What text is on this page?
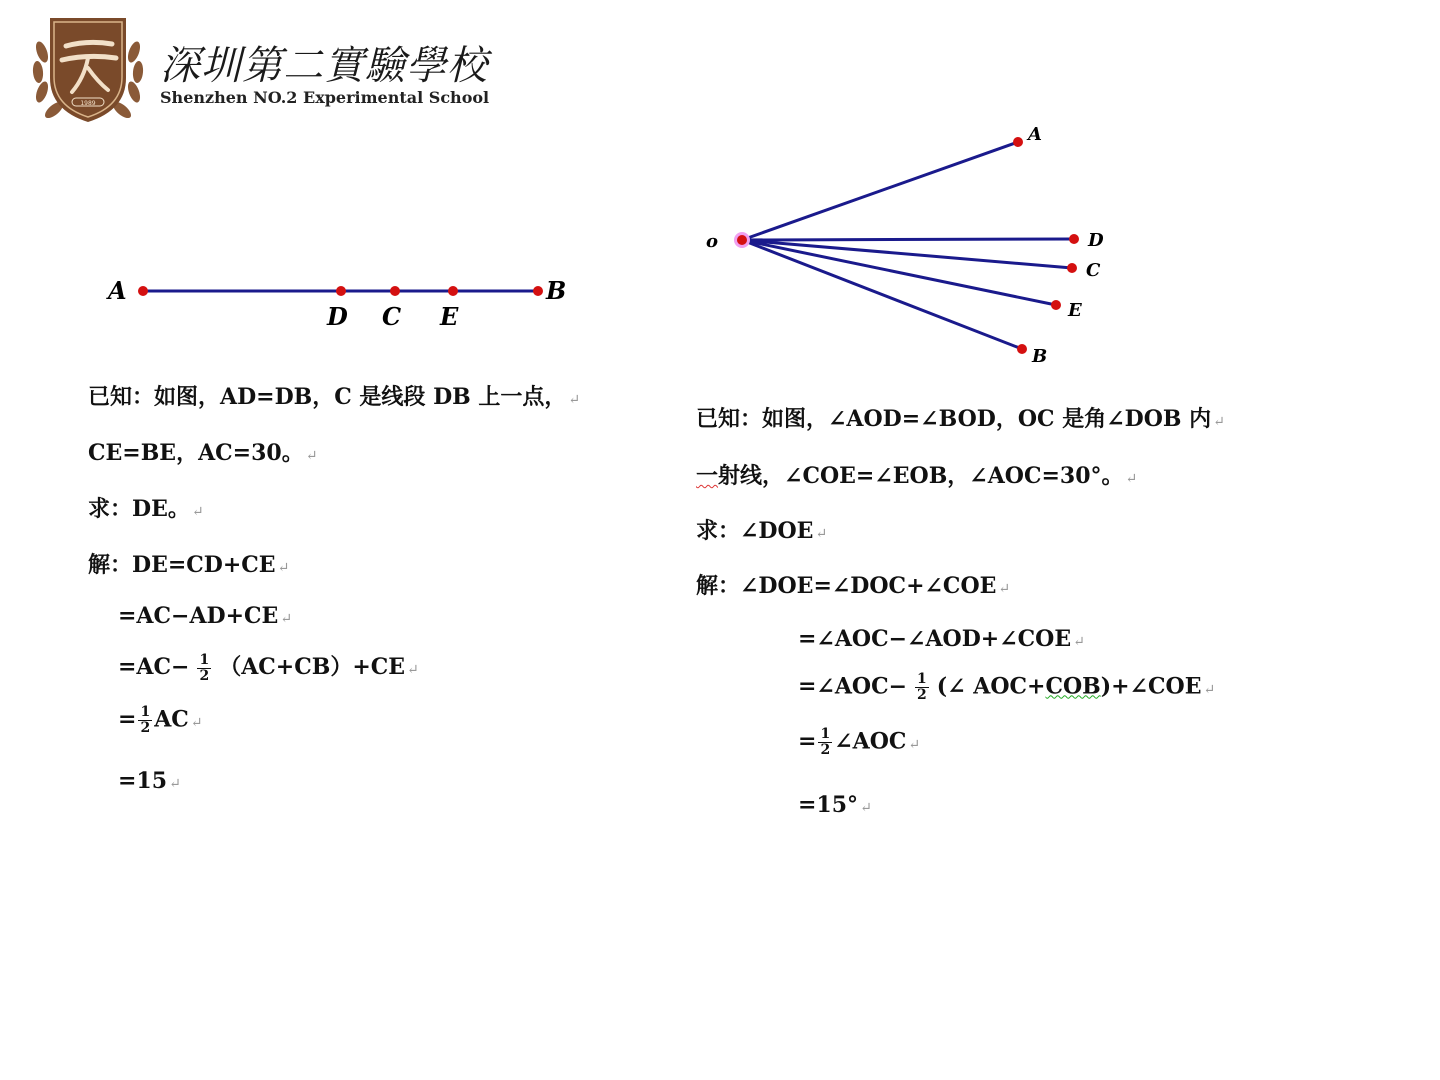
1989
深圳第二實驗學校
Shenzhen NO.2 Experimental School
A
D C E
B
o
A
D
C
E
B
已知：如图，AD=DB，C 是线段 DB 上一点， ↵
CE=BE，AC=30。 ↵
求：DE。 ↵
解：DE=CD+CE ↵
=AC−AD+CE ↵
$=AC- \frac{1}{2} (AC+CB)+CE$ ↵
= $\frac{1}{2}$ AC ↵
=15 ↵
已知：如图，∠AOD=∠BOD，OC 是角∠DOB 内 ↵
一射线，∠COE=∠EOB，∠AOC=30°。 ↵
求：∠DOE ↵
解：∠DOE=∠DOC+∠COE ↵
=∠AOC−∠AOD+∠COE ↵
=∠AOC− $\frac{1}{2}$ (∠ AOC+COB)+∠COE ↵
= $\frac{1}{2}$ ∠AOC ↵
=15° ↵
